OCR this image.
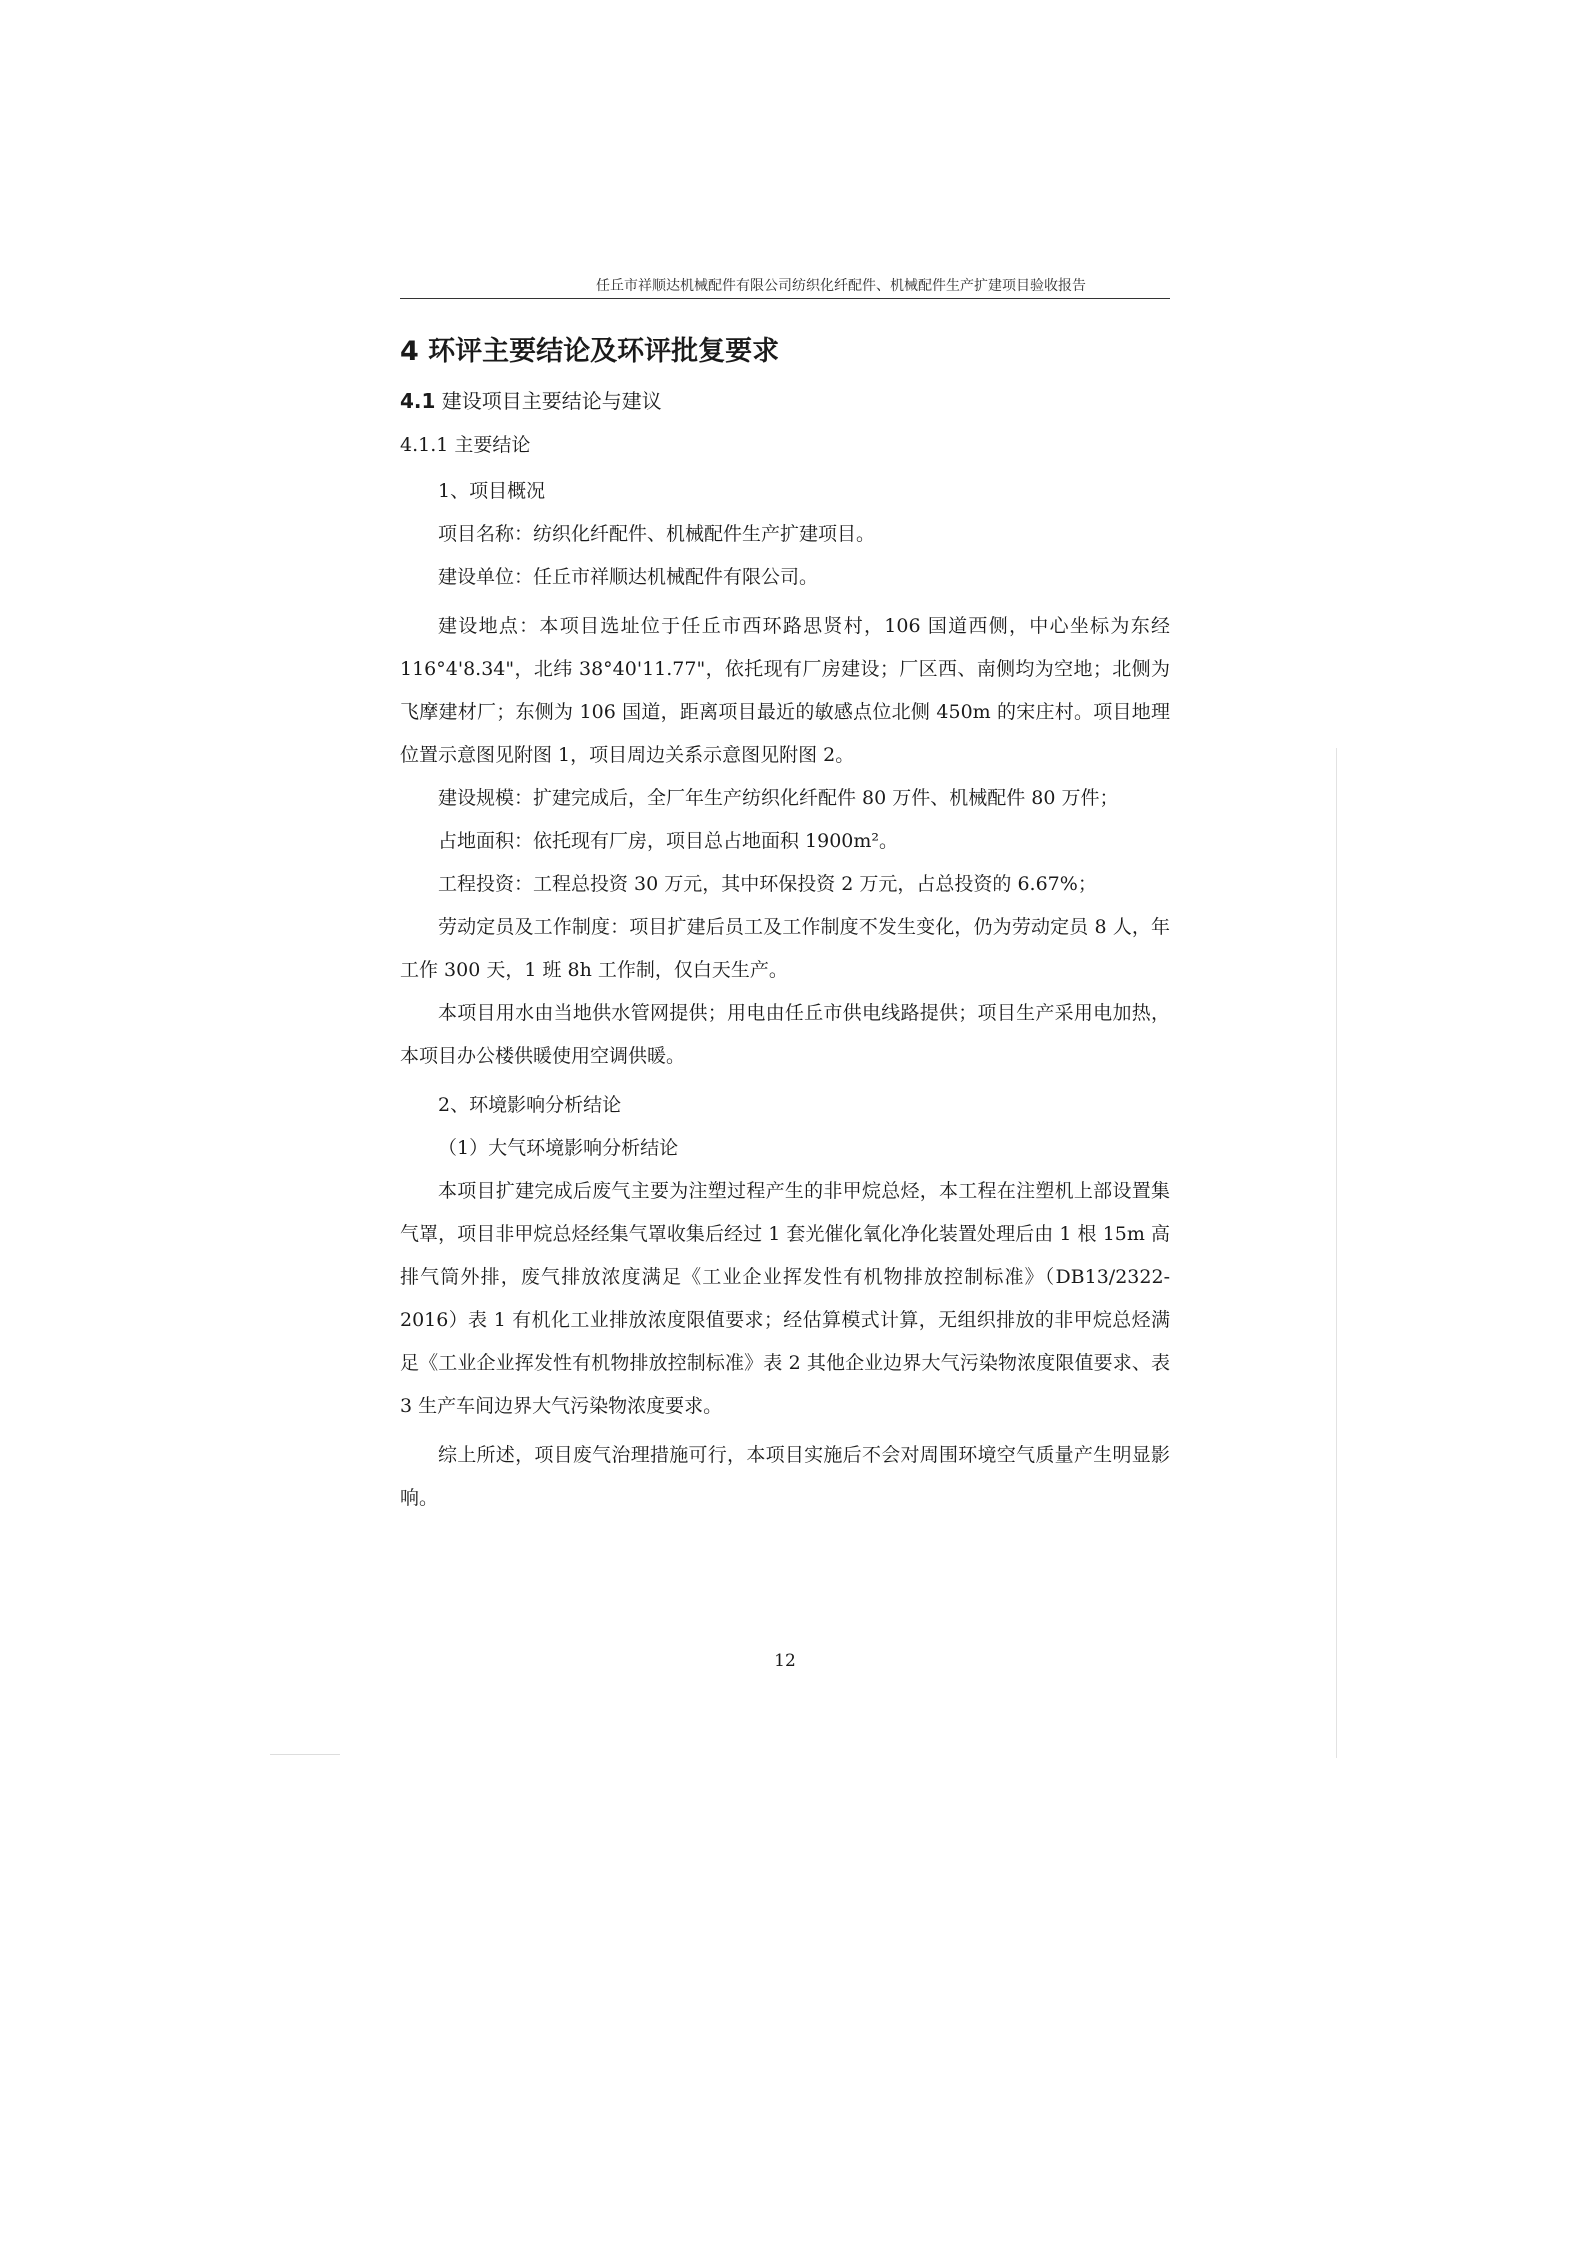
任丘市祥顺达机械配件有限公司纺织化纤配件、机械配件生产扩建项目验收报告
4 环评主要结论及环评批复要求
4.1 建设项目主要结论与建议
4.1.1 主要结论

1、项目概况

项目名称：纺织化纤配件、机械配件生产扩建项目。

建设单位：任丘市祥顺达机械配件有限公司。

建设地点：本项目选址位于任丘市西环路思贤村，106 国道西侧，中心坐标为东经 116°4'8.34"，北纬 38°40'11.77"，依托现有厂房建设；厂区西、南侧均为空地；北侧为飞摩建材厂；东侧为 106 国道，距离项目最近的敏感点位北侧 450m 的宋庄村。项目地理位置示意图见附图 1，项目周边关系示意图见附图 2。

建设规模：扩建完成后，全厂年生产纺织化纤配件 80 万件、机械配件 80 万件；

占地面积：依托现有厂房，项目总占地面积 1900m²。

工程投资：工程总投资 30 万元，其中环保投资 2 万元，占总投资的 6.67%；

劳动定员及工作制度：项目扩建后员工及工作制度不发生变化，仍为劳动定员 8 人，年工作 300 天，1 班 8h 工作制，仅白天生产。

本项目用水由当地供水管网提供；用电由任丘市供电线路提供；项目生产采用电加热，本项目办公楼供暖使用空调供暖。

2、环境影响分析结论

（1）大气环境影响分析结论

本项目扩建完成后废气主要为注塑过程产生的非甲烷总烃，本工程在注塑机上部设置集气罩，项目非甲烷总烃经集气罩收集后经过 1 套光催化氧化净化装置处理后由 1 根 15m 高排气筒外排，废气排放浓度满足《工业企业挥发性有机物排放控制标准》（DB13/2322-2016）表 1 有机化工业排放浓度限值要求；经估算模式计算，无组织排放的非甲烷总烃满足《工业企业挥发性有机物排放控制标准》表 2 其他企业边界大气污染物浓度限值要求、表 3 生产车间边界大气污染物浓度要求。

综上所述，项目废气治理措施可行，本项目实施后不会对周围环境空气质量产生明显影响。

12
